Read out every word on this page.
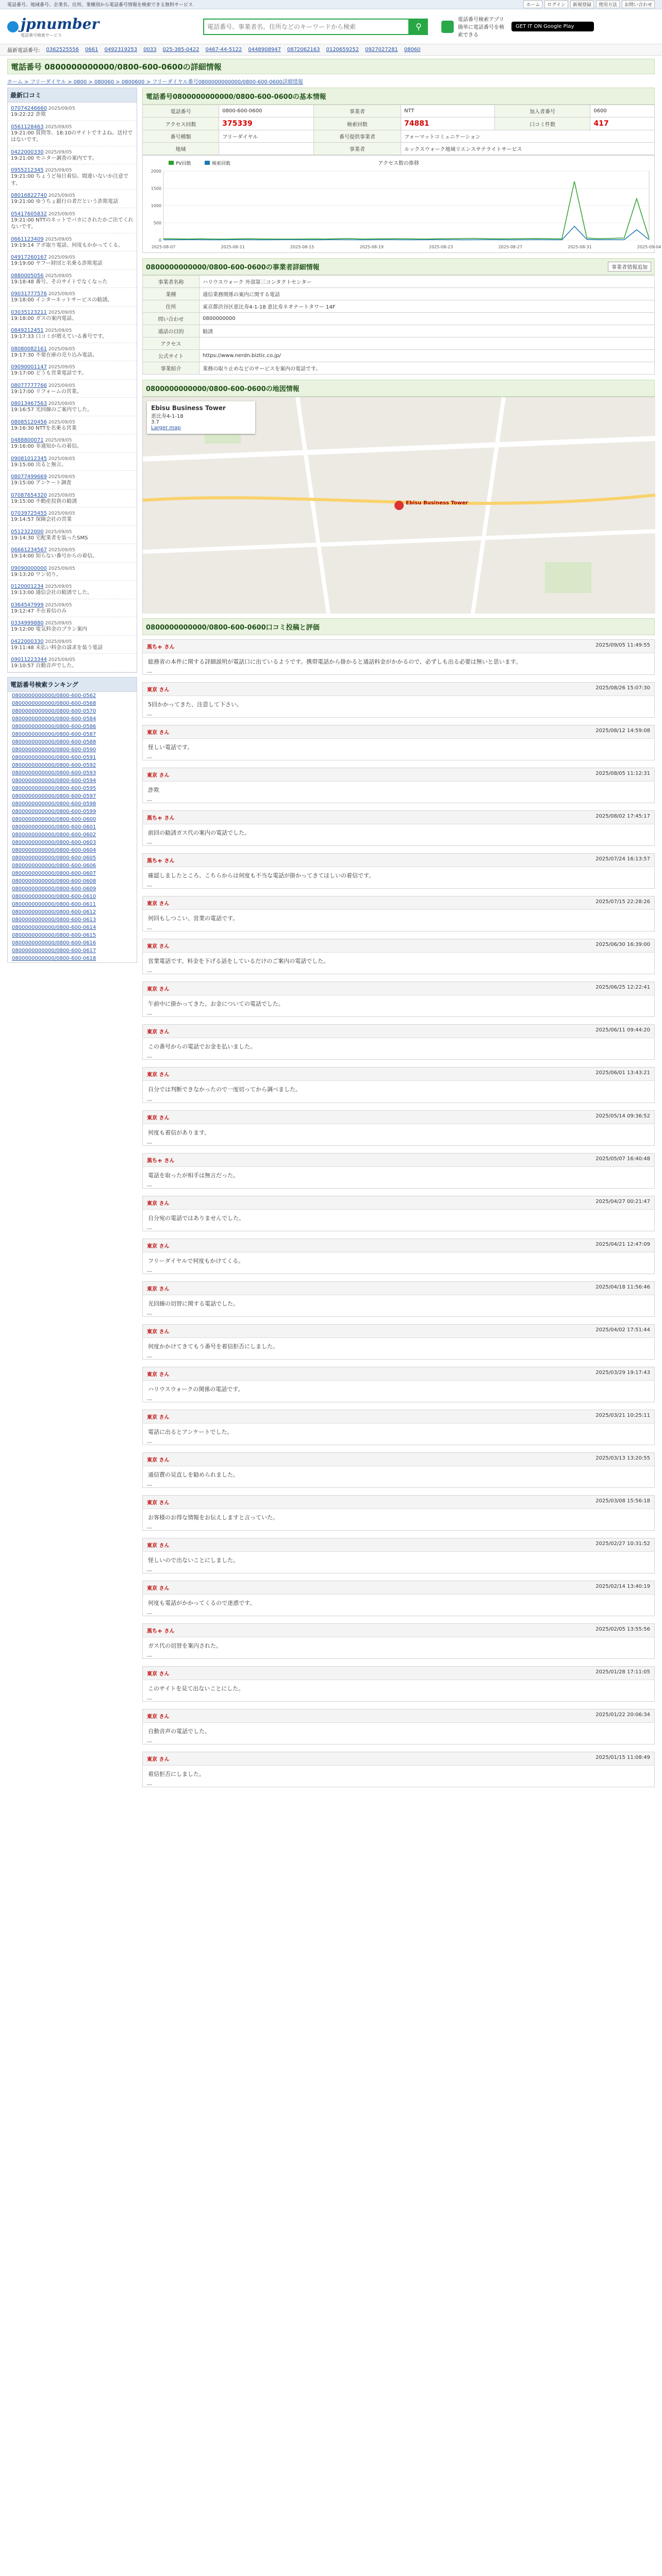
電話番号、地域番号、企業名、住所、業種別から電話番号情報を検索できる無料サービス	ホーム	ログイン	新規登録	使用方法	お問い合わせ
jpnumber
電話番号検索サービス
電話番号、事業者名、住所などのキーワードから検索
⚲
電話番号検索アプリ 簡単に電話番号を検索できる
GET IT ON Google Play
最新電話番号: 0362525556 0661 0492319253 0033 025-385-0422 0467-44-5122 0448908947 0872062163 0120659252 0927027281 08060
電話番号 0800000000000/0800-600-0600の詳細情報
ホーム > フリーダイヤル > 0800 > 080060 > 0800600 > フリーダイヤル番号0800000000000/0800-600-0600詳細情報
最新口コミ
07074246660 2025/09/05
19:22:22 詐欺
0561128463 2025/09/05
19:21:00 質問等、18:10のサイトですよね。送付ではないです。
0422000330 2025/09/05
19:21:00 モニター調査の案内です。
0955212345 2025/09/05
19:21:00 ちょうど毎日着信、間違いないか注意です。
08016822740 2025/09/05
19:21:00 ゆうちょ銀行の者だという詐欺電話
05417605832 2025/09/05
19:21:00 NTTのネットでバカにされたかご出てくれないです。
0661123409 2025/09/05
19:19:14 アポ取り電話、何度もかかってくる。
04917260167 2025/09/05
19:19:00 ヤフー財団と名乗る詐欺電話
0880005056 2025/09/05
19:18:48 番号、そのサイトでなくなった
09031777576 2025/09/05
19:18:00 インターネットサービスの勧誘。
03035123211 2025/09/05
19:18:00 ガスの案内電話。
0849212451 2025/09/05
19:17:33 口コミが増えている番号です。
08080082161 2025/09/05
19:17:30 不要在庫の売り込み電話。
09090001147 2025/09/05
19:17:00 どうも営業電話です。
08077777766 2025/09/05
19:17:00 リフォームの営業。
08013467563 2025/09/05
19:16:57 光回線のご案内でした。
08085120456 2025/09/05
19:16:30 NTTを名乗る営業
0488800071 2025/09/05
19:16:00 非通知からの着信。
09081012345 2025/09/05
19:15:00 出ると無言。
08077499669 2025/09/05
19:15:00 アンケート調査
07087654320 2025/09/05
19:15:00 不動産投資の勧誘
07039725455 2025/09/05
19:14:57 保険会社の営業
0512322000 2025/09/05
19:14:30 宅配業者を装ったSMS
06661234567 2025/09/05
19:14:00 知らない番号からの着信。
09090000000 2025/09/05
19:13:20 ワン切り。
0120001234 2025/09/05
19:13:00 通信会社の勧誘でした。
0364547999 2025/09/05
19:12:47 不在着信のみ
0334999880 2025/09/05
19:12:00 電気料金のプラン案内
0422000330 2025/09/05
19:11:48 未払い料金の請求を装う電話
09011223344 2025/09/05
19:10:57 自動音声でした。
電話番号検索ランキング
0800000000000/0800-600-0562
0800000000000/0800-600-0568
0800000000000/0800-600-0570
0800000000000/0800-600-0584
0800000000000/0800-600-0586
0800000000000/0800-600-0587
0800000000000/0800-600-0588
0800000000000/0800-600-0590
0800000000000/0800-600-0591
0800000000000/0800-600-0592
0800000000000/0800-600-0593
0800000000000/0800-600-0594
0800000000000/0800-600-0595
0800000000000/0800-600-0597
0800000000000/0800-600-0598
0800000000000/0800-600-0599
0800000000000/0800-600-0600
0800000000000/0800-600-0601
0800000000000/0800-600-0602
0800000000000/0800-600-0603
0800000000000/0800-600-0604
0800000000000/0800-600-0605
0800000000000/0800-600-0606
0800000000000/0800-600-0607
0800000000000/0800-600-0608
0800000000000/0800-600-0609
0800000000000/0800-600-0610
0800000000000/0800-600-0611
0800000000000/0800-600-0612
0800000000000/0800-600-0613
0800000000000/0800-600-0614
0800000000000/0800-600-0615
0800000000000/0800-600-0616
0800000000000/0800-600-0617
0800000000000/0800-600-0618
電話番号0800000000000/0800-600-0600の基本情報
電話番号	0800-600-0600	事業者	NTT	加入者番号	0600
アクセス回数	375339	検索回数	74881	口コミ件数	417
番号種類	フリーダイヤル	番号提供事業者	フォーマットコミュニケーション		
地域		事業者	ルックスウォーク地域リエンスサテライトサービス		
2000
1500
1000
500
0
PV回数	検索回数
2025-08-07	2025-08-11	2025-08-15	2025-08-19	2025-08-23	2025-08-27	2025-08-31	2025-09-04
アクセス数の推移
0800000000000/0800-600-0600の事業者詳細情報	事業者情報追加
事業者名称	ハリウスウォーク 外部第三コンタクトセンター
業種	通信業務関係の案内に関する電話
住所	東京都渋谷区恵比寿4-1-18 恵比寿ネオナートタワー 14F
問い合わせ	0800000000
通話の目的	勧誘
アクセス	
公式サイト	https://www.nerdn.biztic.co.jp/
事業紹介	業務の取り止めなどのサービスを案内の電話です。
0800000000000/0800-600-0600の地図情報
Ebisu Business Tower
恵比寿4-1-18
3.7
Larger map
Ebisu Business Tower
0800000000000/0800-600-0600口コミ投稿と評価
黒ちゃ さん	2025/09/05 11:49:55
総務省の本件に関する詳細説明が電話口に出ているようです。携帯電話から掛かると通話料金がかかるので、必ずしも出る必要は無いと思います。
東京 さん	2025/08/26 15:07:30
5回かかってきた、注意して下さい。
東京 さん	2025/08/12 14:59:08
怪しい電話です。
東京 さん	2025/08/05 11:12:31
詐欺
黒ちゃ さん	2025/08/02 17:45:17
前回の勧誘ガス代の案内の電話でした。
黒ちゃ さん	2025/07/24 16:13:57
確認しましたところ、こちらからは何度も不当な電話が掛かってきてほしいの着信です。
東京 さん	2025/07/15 22:28:26
何回もしつこい、営業の電話です。
東京 さん	2025/06/30 16:39:00
営業電話です。料金を下げる話をしているだけのご案内の電話でした。
東京 さん	2025/06/25 12:22:41
午前中に掛かってきた。お金についての電話でした。
東京 さん	2025/06/11 09:44:20
この番号からの電話でお金を払いました。
東京 さん	2025/06/01 13:43:21
自分では判断できなかったので一度切ってから調べました。
東京 さん	2025/05/14 09:36:52
何度も着信があります。
黒ちゃ さん	2025/05/07 16:40:48
電話を取ったが相手は無言だった。
東京 さん	2025/04/27 00:21:47
自分宛の電話ではありませんでした。
東京 さん	2025/04/21 12:47:09
フリーダイヤルで何度もかけてくる。
東京 さん	2025/04/18 11:56:46
光回線の切替に関する電話でした。
東京 さん	2025/04/02 17:51:44
何度かかけてきてもう番号を着信拒否にしました。
東京 さん	2025/03/29 19:17:43
ハリウスウォークの関係の電話です。
東京 さん	2025/03/21 10:25:11
電話に出るとアンケートでした。
東京 さん	2025/03/13 13:20:55
通信費の見直しを勧められました。
東京 さん	2025/03/08 15:56:18
お客様のお得な情報をお伝えしますと言っていた。
東京 さん	2025/02/27 10:31:52
怪しいので出ないことにしました。
東京 さん	2025/02/14 13:40:19
何度も電話がかかってくるので迷惑です。
黒ちゃ さん	2025/02/05 13:55:56
ガス代の切替を案内された。
東京 さん	2025/01/28 17:11:05
このサイトを見て出ないことにした。
東京 さん	2025/01/22 20:06:34
自動音声の電話でした。
東京 さん	2025/01/15 11:08:49
着信拒否にしました。
